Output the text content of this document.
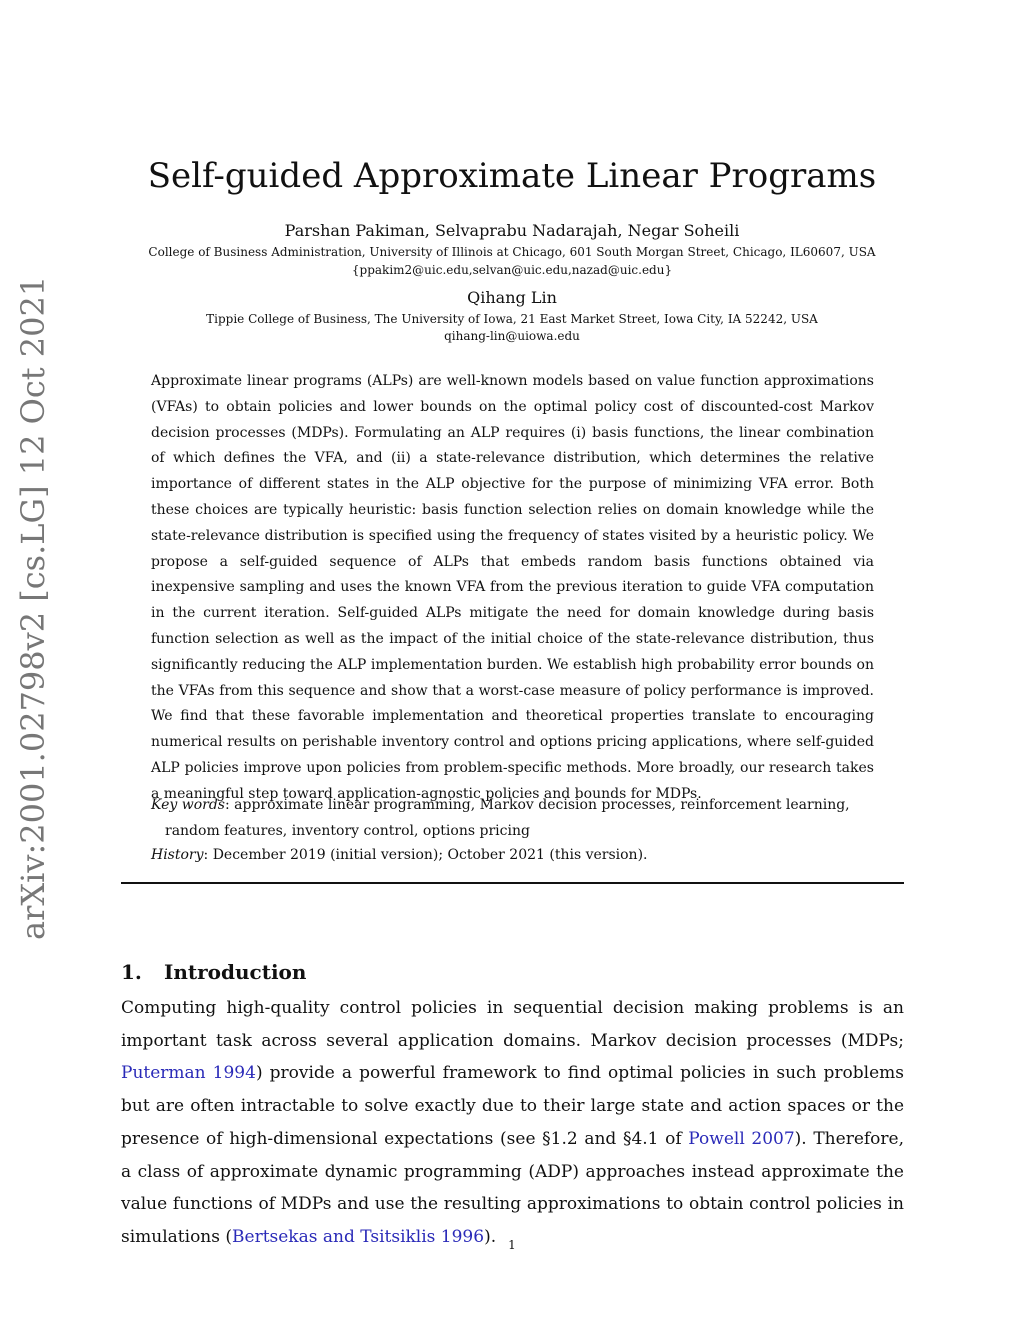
arXiv:2001.02798v2 [cs.LG] 12 Oct 2021
Self-guided Approximate Linear Programs
Parshan Pakiman, Selvaprabu Nadarajah, Negar Soheili
College of Business Administration, University of Illinois at Chicago, 601 South Morgan Street, Chicago, IL60607, USA
{ppakim2@uic.edu,selvan@uic.edu,nazad@uic.edu}
Qihang Lin
Tippie College of Business, The University of Iowa, 21 East Market Street, Iowa City, IA 52242, USA
qihang-lin@uiowa.edu

Approximate linear programs (ALPs) are well-known models based on value function approximations (VFAs) to obtain policies and lower bounds on the optimal policy cost of discounted-cost Markov decision processes (MDPs). Formulating an ALP requires (i) basis functions, the linear combination of which defines the VFA, and (ii) a state-relevance distribution, which determines the relative importance of different states in the ALP objective for the purpose of minimizing VFA error. Both these choices are typically heuristic: basis function selection relies on domain knowledge while the state-relevance distribution is specified using the frequency of states visited by a heuristic policy. We propose a self-guided sequence of ALPs that embeds random basis functions obtained via inexpensive sampling and uses the known VFA from the previous iteration to guide VFA computation in the current iteration. Self-guided ALPs mitigate the need for domain knowledge during basis function selection as well as the impact of the initial choice of the state-relevance distribution, thus significantly reducing the ALP implementation burden. We establish high probability error bounds on the VFAs from this sequence and show that a worst-case measure of policy performance is improved. We find that these favorable implementation and theoretical properties translate to encouraging numerical results on perishable inventory control and options pricing applications, where self-guided ALP policies improve upon policies from problem-specific methods. More broadly, our research takes a meaningful step toward application-agnostic policies and bounds for MDPs.

Key words: approximate linear programming, Markov decision processes, reinforcement learning, random features, inventory control, options pricing

History: December 2019 (initial version); October 2021 (this version).

1. Introduction

Computing high-quality control policies in sequential decision making problems is an important task across several application domains. Markov decision processes (MDPs; Puterman 1994) provide a powerful framework to find optimal policies in such problems but are often intractable to solve exactly due to their large state and action spaces or the presence of high-dimensional expectations (see §1.2 and §4.1 of Powell 2007). Therefore, a class of approximate dynamic programming (ADP) approaches instead approximate the value functions of MDPs and use the resulting approximations to obtain control policies in simulations (Bertsekas and Tsitsiklis 1996).	1
